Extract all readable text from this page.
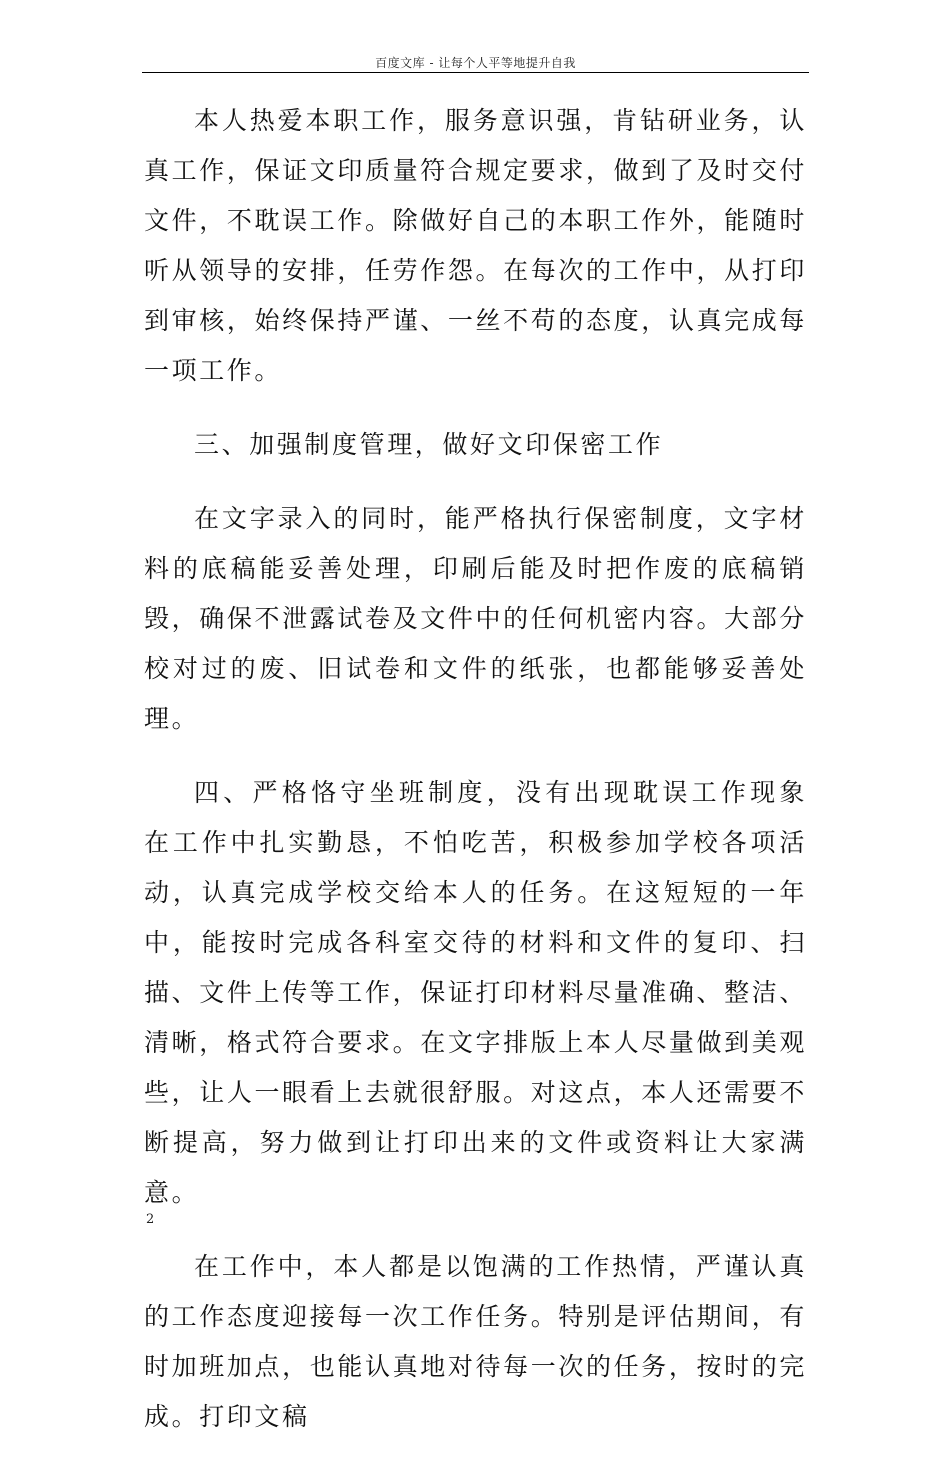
百度文库 - 让每个人平等地提升自我

本人热爱本职工作，服务意识强，肯钻研业务，认真工作，保证文印质量符合规定要求，做到了及时交付文件，不耽误工作。除做好自己的本职工作外，能随时听从领导的安排，任劳作怨。在每次的工作中，从打印到审核，始终保持严谨、一丝不苟的态度，认真完成每一项工作。

三、加强制度管理，做好文印保密工作

在文字录入的同时，能严格执行保密制度，文字材料的底稿能妥善处理，印刷后能及时把作废的底稿销毁，确保不泄露试卷及文件中的任何机密内容。大部分校对过的废、旧试卷和文件的纸张，也都能够妥善处理。

四、严格恪守坐班制度，没有出现耽误工作现象　在工作中扎实勤恳，不怕吃苦，积极参加学校各项活动，认真完成学校交给本人的任务。在这短短的一年中，能按时完成各科室交待的材料和文件的复印、扫描、文件上传等工作，保证打印材料尽量准确、整洁、清晰，格式符合要求。在文字排版上本人尽量做到美观些，让人一眼看上去就很舒服。对这点，本人还需要不断提高，努力做到让打印出来的文件或资料让大家满意。

在工作中，本人都是以饱满的工作热情，严谨认真的工作态度迎接每一次工作任务。特别是评估期间，有时加班加点，也能认真地对待每一次的任务，按时的完成。打印文稿

2
